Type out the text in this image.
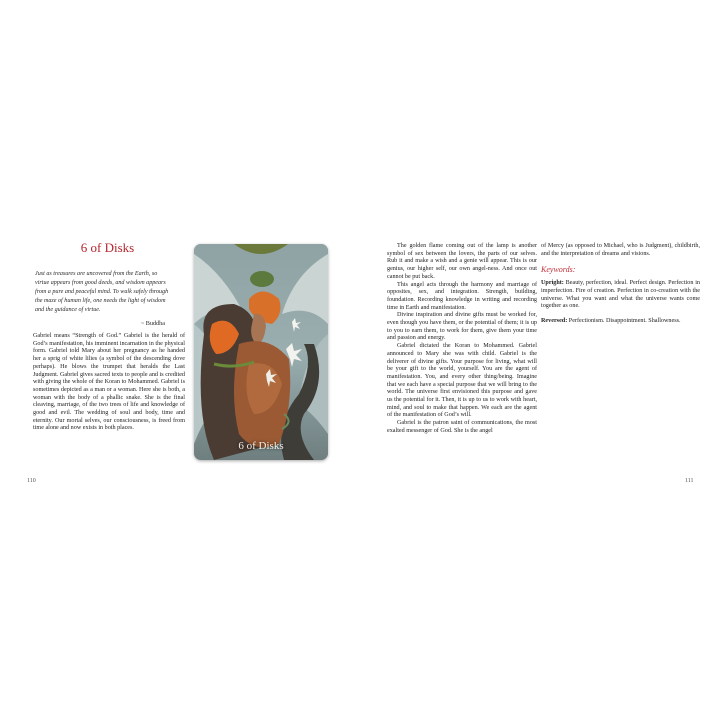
6 of Disks
Just as treasures are uncovered from the Earth, so virtue appears from good deeds, and wisdom appears from a pure and peaceful mind. To walk safely through the maze of human life, one needs the light of wisdom and the guidance of virtue.
~ Buddha

Gabriel means “Strength of God.” Gabriel is the herald of God’s manifestation, his imminent incarnation in the physical form. Gabriel told Mary about her pregnancy as he handed her a sprig of white lilies (a symbol of the descending dove perhaps). He blows the trumpet that heralds the Last Judgment. Gabriel gives sacred texts to people and is credited with giving the whole of the Koran to Mohammed. Gabriel is sometimes depicted as a man or a woman. Here she is both, a woman with the body of a phallic snake. She is the final cleaving, marriage, of the two trees of life and knowledge of good and evil. The wedding of soul and body, time and eternity. Our mortal selves, our consciousness, is freed from time alone and now exists in both places.

6 of Disks
110

The golden flame coming out of the lamp is another symbol of sex between the lovers, the parts of our selves. Rub it and make a wish and a genie will appear. This is our genius, our higher self, our own angel-ness. And once out cannot be put back.

This angel acts through the harmony and marriage of opposites, sex, and integration. Strength, building, foundation. Recording knowledge in writing and recording time in Earth and manifestation.

Divine inspiration and divine gifts must be worked for, even though you have them, or the potential of them; it is up to you to earn them, to work for them, give them your time and passion and energy.

Gabriel dictated the Koran to Mohammed. Gabriel announced to Mary she was with child. Gabriel is the deliverer of divine gifts. Your purpose for living, what will be your gift to the world, yourself. You are the agent of manifestation. You, and every other thing/being. Imagine that we each have a special purpose that we will bring to the world. The universe first envisioned this purpose and gave us the potential for it. Then, it is up to us to work with heart, mind, and soul to make that happen. We each are the agent of the manifestation of God’s will.

Gabriel is the patron saint of communications, the most exalted messenger of God. She is the angel

of Mercy (as opposed to Michael, who is Judgment), childbirth, and the interpretation of dreams and visions.

Keywords:
Upright: Beauty, perfection, ideal. Perfect design. Perfection in imperfection. Fire of creation. Perfection in co-creation with the universe. What you want and what the universe wants come together as one.
Reversed: Perfectionism. Disappointment. Shallowness.
111
